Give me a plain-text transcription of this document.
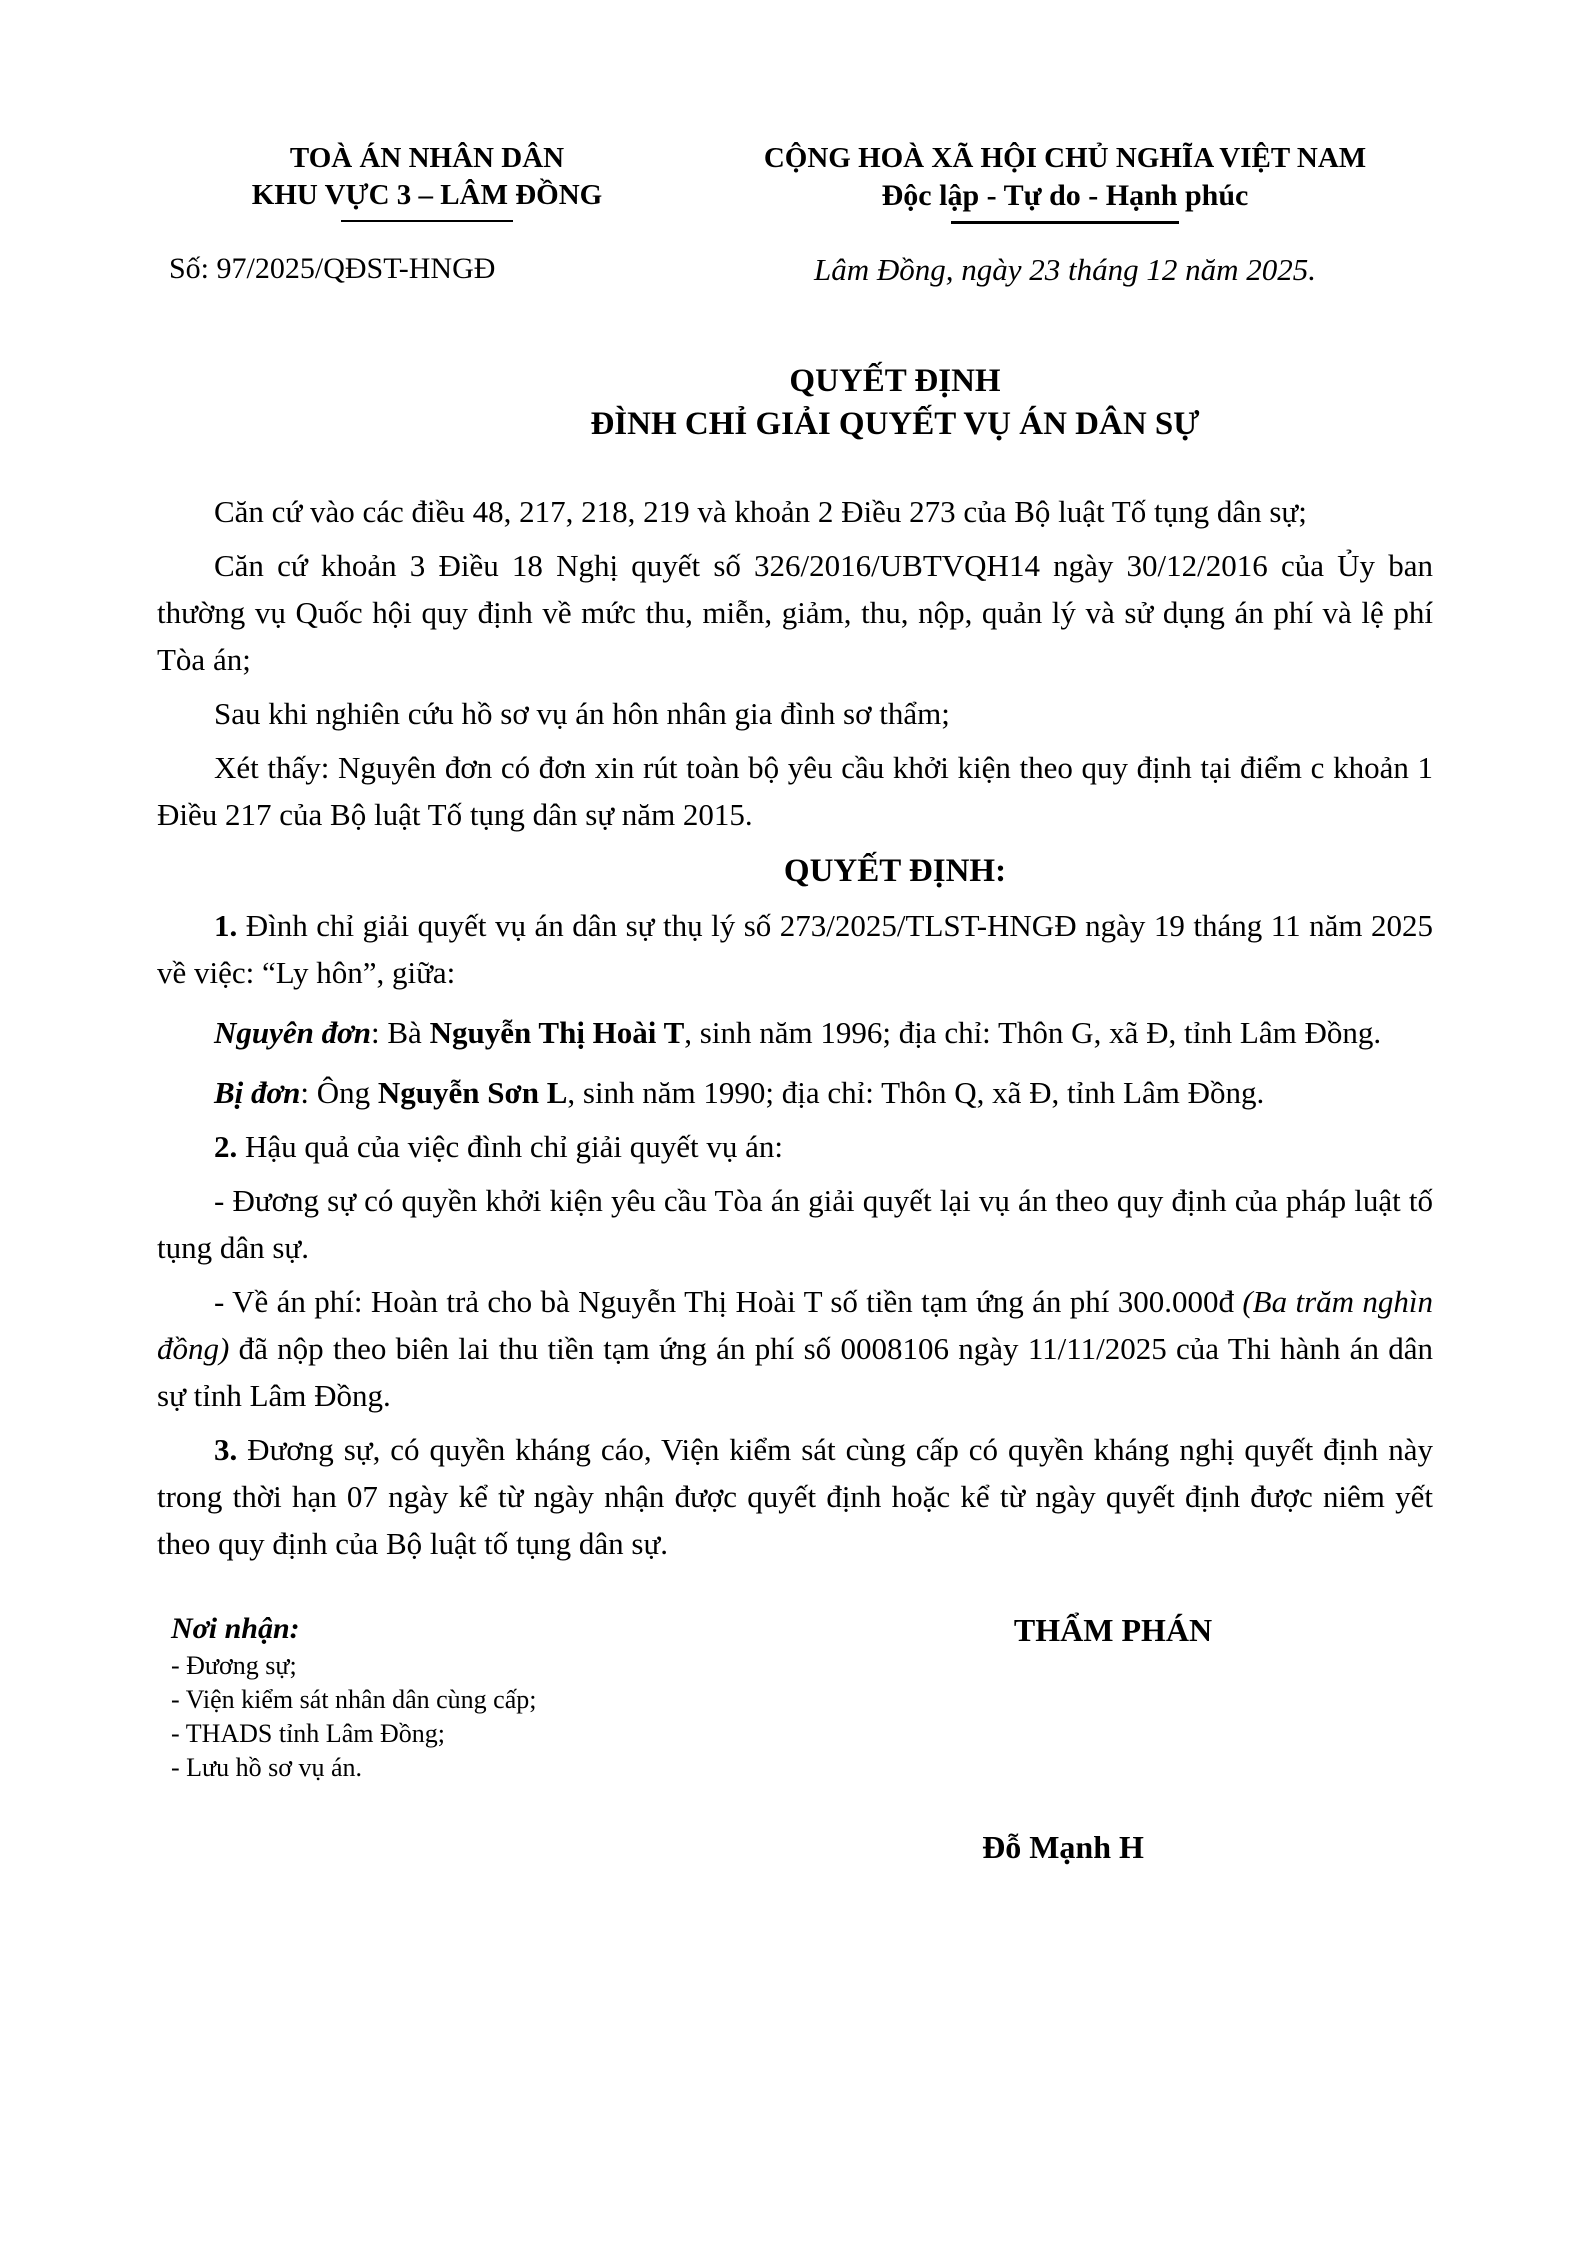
TOÀ ÁN NHÂN DÂN
KHU VỰC 3 – LÂM ĐỒNG
Số: 97/2025/QĐST-HNGĐ
CỘNG HOÀ XÃ HỘI CHỦ NGHĨA VIỆT NAM
Độc lập - Tự do - Hạnh phúc
Lâm Đồng, ngày 23 tháng 12 năm 2025.
QUYẾT ĐỊNH
ĐÌNH CHỈ GIẢI QUYẾT VỤ ÁN DÂN SỰ

Căn cứ vào các điều 48, 217, 218, 219 và khoản 2 Điều 273 của Bộ luật Tố tụng dân sự;

Căn cứ khoản 3 Điều 18 Nghị quyết số 326/2016/UBTVQH14 ngày 30/12/2016 của Ủy ban thường vụ Quốc hội quy định về mức thu, miễn, giảm, thu, nộp, quản lý và sử dụng án phí và lệ phí Tòa án;

Sau khi nghiên cứu hồ sơ vụ án hôn nhân gia đình sơ thẩm;

Xét thấy: Nguyên đơn có đơn xin rút toàn bộ yêu cầu khởi kiện theo quy định tại điểm c khoản 1 Điều 217 của Bộ luật Tố tụng dân sự năm 2015.

QUYẾT ĐỊNH:

1. Đình chỉ giải quyết vụ án dân sự thụ lý số 273/2025/TLST-HNGĐ ngày 19 tháng 11 năm 2025 về việc: “Ly hôn”, giữa:

Nguyên đơn: Bà Nguyễn Thị Hoài T, sinh năm 1996; địa chỉ: Thôn G, xã Đ, tỉnh Lâm Đồng.

Bị đơn: Ông Nguyễn Sơn L, sinh năm 1990; địa chỉ: Thôn Q, xã Đ, tỉnh Lâm Đồng.

2. Hậu quả của việc đình chỉ giải quyết vụ án:

- Đương sự có quyền khởi kiện yêu cầu Tòa án giải quyết lại vụ án theo quy định của pháp luật tố tụng dân sự.

- Về án phí: Hoàn trả cho bà Nguyễn Thị Hoài T số tiền tạm ứng án phí 300.000đ (Ba trăm nghìn đồng) đã nộp theo biên lai thu tiền tạm ứng án phí số 0008106 ngày 11/11/2025 của Thi hành án dân sự tỉnh Lâm Đồng.

3. Đương sự, có quyền kháng cáo, Viện kiểm sát cùng cấp có quyền kháng nghị quyết định này trong thời hạn 07 ngày kể từ ngày nhận được quyết định hoặc kể từ ngày quyết định được niêm yết theo quy định của Bộ luật tố tụng dân sự.

Nơi nhận:
- Đương sự;
- Viện kiểm sát nhân dân cùng cấp;
- THADS tỉnh Lâm Đồng;
- Lưu hồ sơ vụ án.
THẨM PHÁN
Đỗ Mạnh H
